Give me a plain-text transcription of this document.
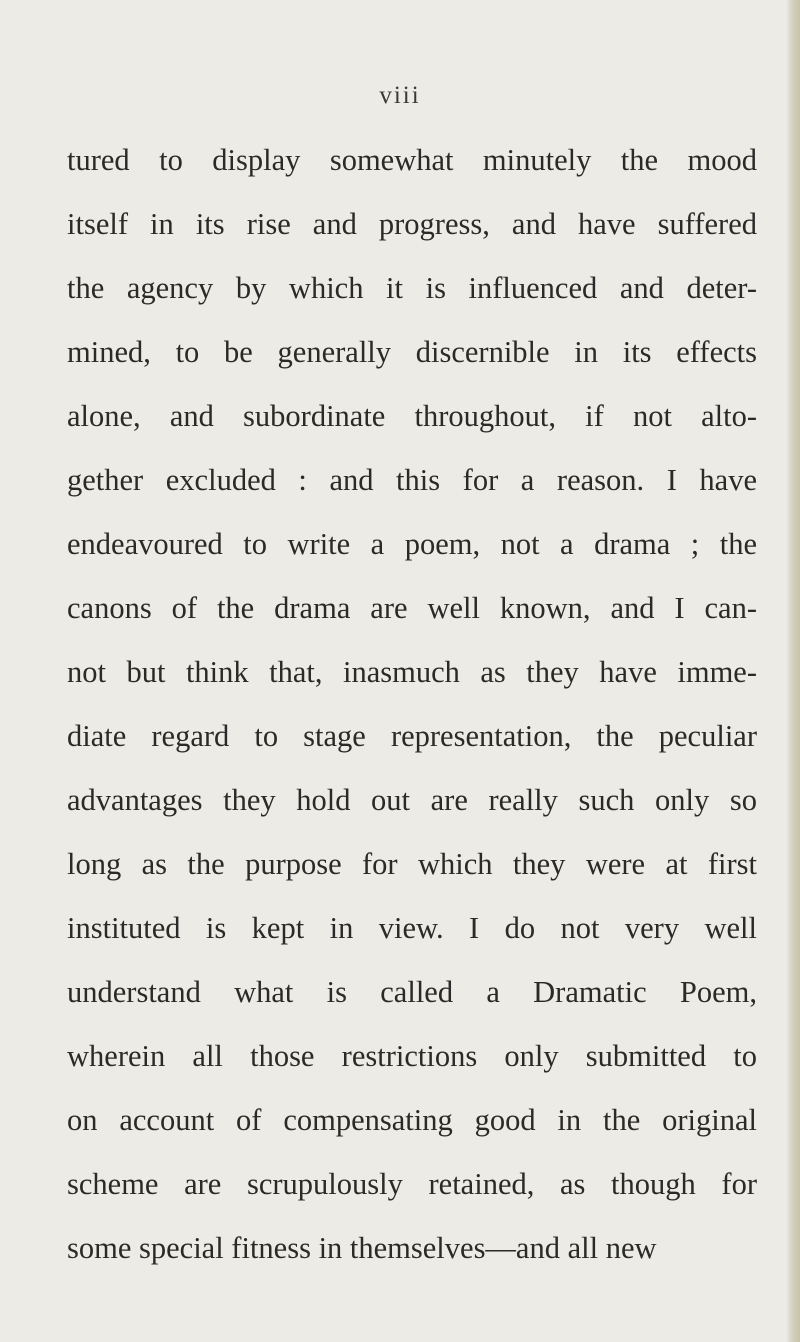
viii
tured to display somewhat minutely the mood
itself in its rise and progress, and have suffered
the agency by which it is influenced and deter-
mined, to be generally discernible in its effects
alone, and subordinate throughout, if not alto-
gether excluded : and this for a reason. I have
endeavoured to write a poem, not a drama ; the
canons of the drama are well known, and I can-
not but think that, inasmuch as they have imme-
diate regard to stage representation, the peculiar
advantages they hold out are really such only so
long as the purpose for which they were at first
instituted is kept in view. I do not very well
understand what is called a Dramatic Poem,
wherein all those restrictions only submitted to
on account of compensating good in the original
scheme are scrupulously retained, as though for
some special fitness in themselves—and all new
